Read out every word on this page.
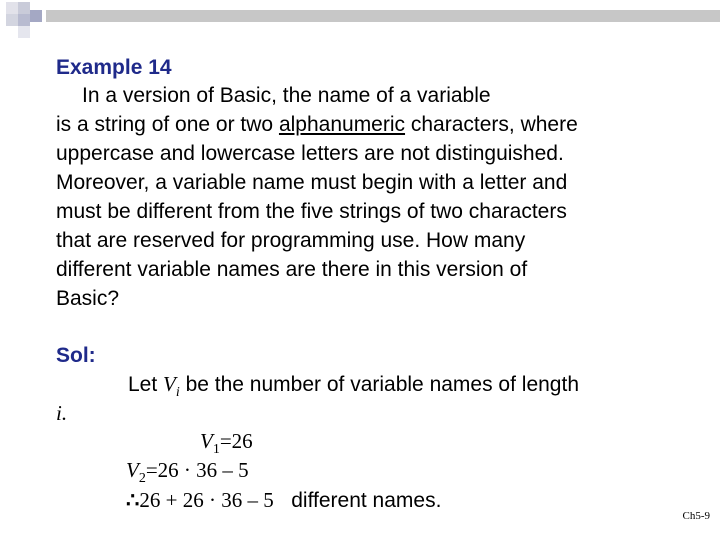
Example 14
In a version of Basic, the name of a variable
is a string of one or two alphanumeric characters, where
uppercase and lowercase letters are not distinguished.
Moreover, a variable name must begin with a letter and
must be different from the five strings of two characters
that are reserved for programming use. How many
different variable names are there in this version of
Basic?
Sol:
Let $V_i$ be the number of variable names of length
i.
$V_1=26$
$V_2=26 \cdot 36 - 5$
∴26 + 26 · 36 – 5   different names.
Ch5-9
